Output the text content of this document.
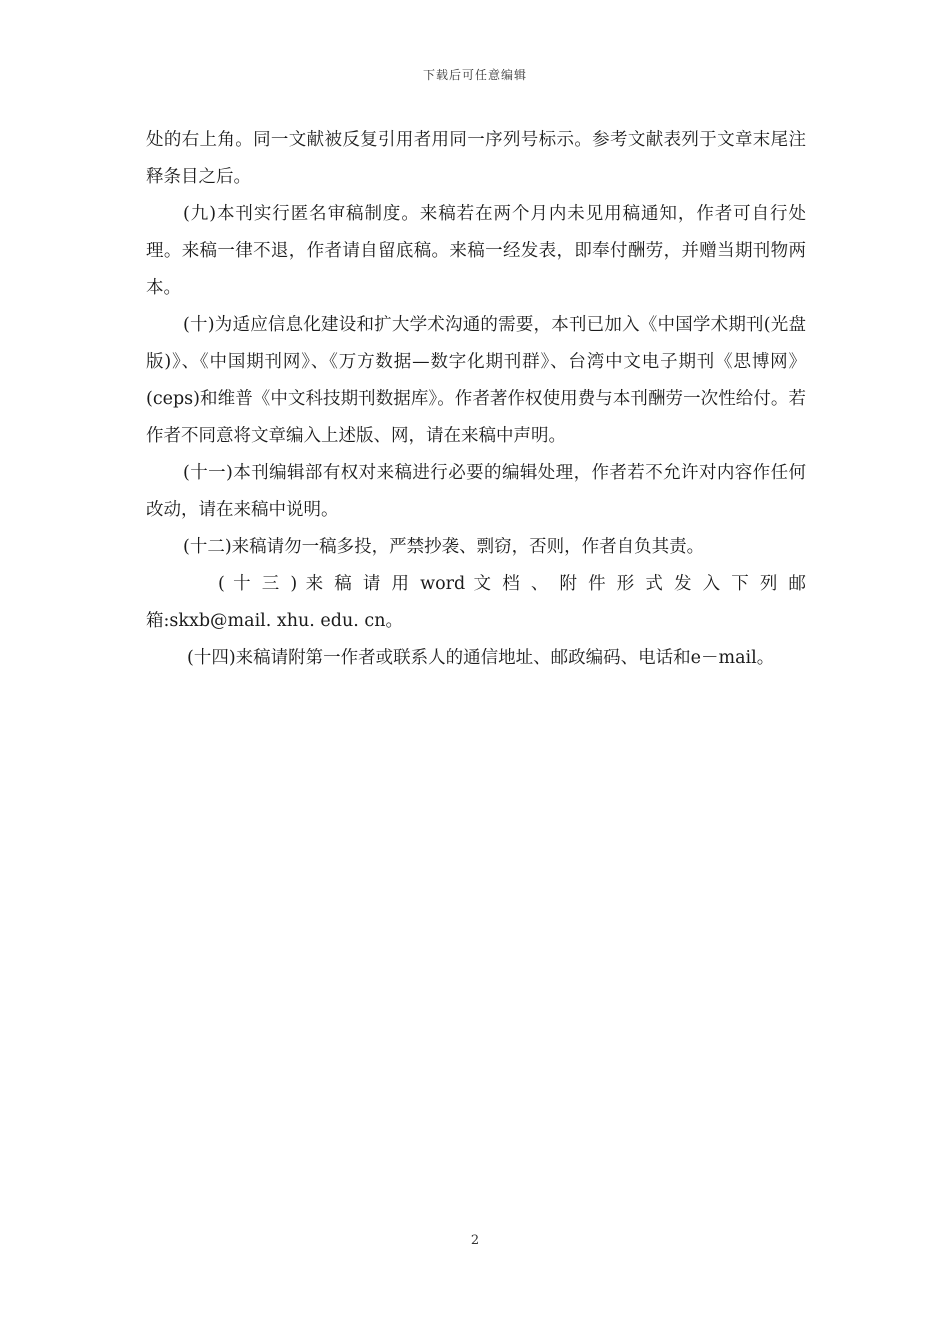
下载后可任意编辑

处的右上角。同一文献被反复引用者用同一序列号标示。参考文献表列于文章末尾注释条目之后。

(九)本刊实行匿名审稿制度。来稿若在两个月内未见用稿通知，作者可自行处理。来稿一律不退，作者请自留底稿。来稿一经发表，即奉付酬劳，并赠当期刊物两本。

(十)为适应信息化建设和扩大学术沟通的需要，本刊已加入《中国学术期刊(光盘版)》、《中国期刊网》、《万方数据—数字化期刊群》、台湾中文电子期刊《思博网》(ceps)和维普《中文科技期刊数据库》。作者著作权使用费与本刊酬劳一次性给付。若作者不同意将文章编入上述版、网，请在来稿中声明。

(十一)本刊编辑部有权对来稿进行必要的编辑处理，作者若不允许对内容作任何改动，请在来稿中说明。

(十二)来稿请勿一稿多投，严禁抄袭、剽窃，否则，作者自负其责。

( 十 三 ) 来 稿 请 用 word 文 档 、 附 件 形 式 发 入 下 列 邮 箱:skxb@mail. xhu. edu. cn。

(十四)来稿请附第一作者或联系人的通信地址、邮政编码、电话和e－mail。

2
